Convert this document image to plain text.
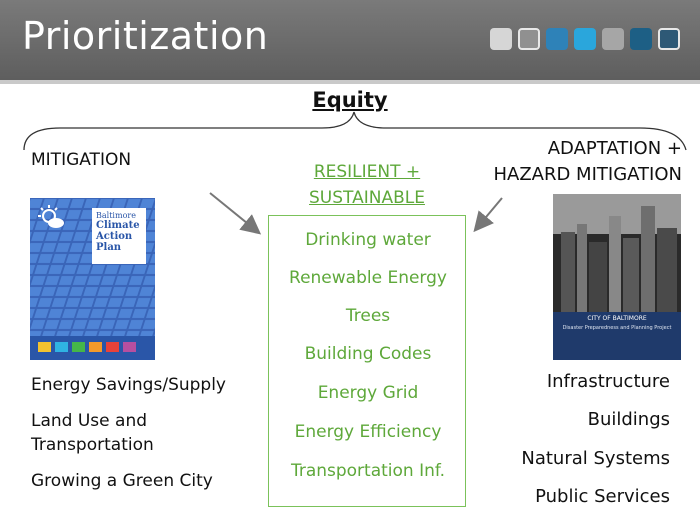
Prioritization
Equity
MITIGATION
Baltimore
Climate
Action
Plan
Energy Savings/Supply
Land Use and
Transportation
Growing a Green City
RESILIENT +
SUSTAINABLE
Drinking water
Renewable Energy
Trees
Building Codes
Energy Grid
Energy Efficiency
Transportation Inf.
ADAPTATION +
HAZARD MITIGATION
CITY OF BALTIMORE
Disaster Preparedness and Planning Project
Infrastructure
Buildings
Natural Systems
Public Services
